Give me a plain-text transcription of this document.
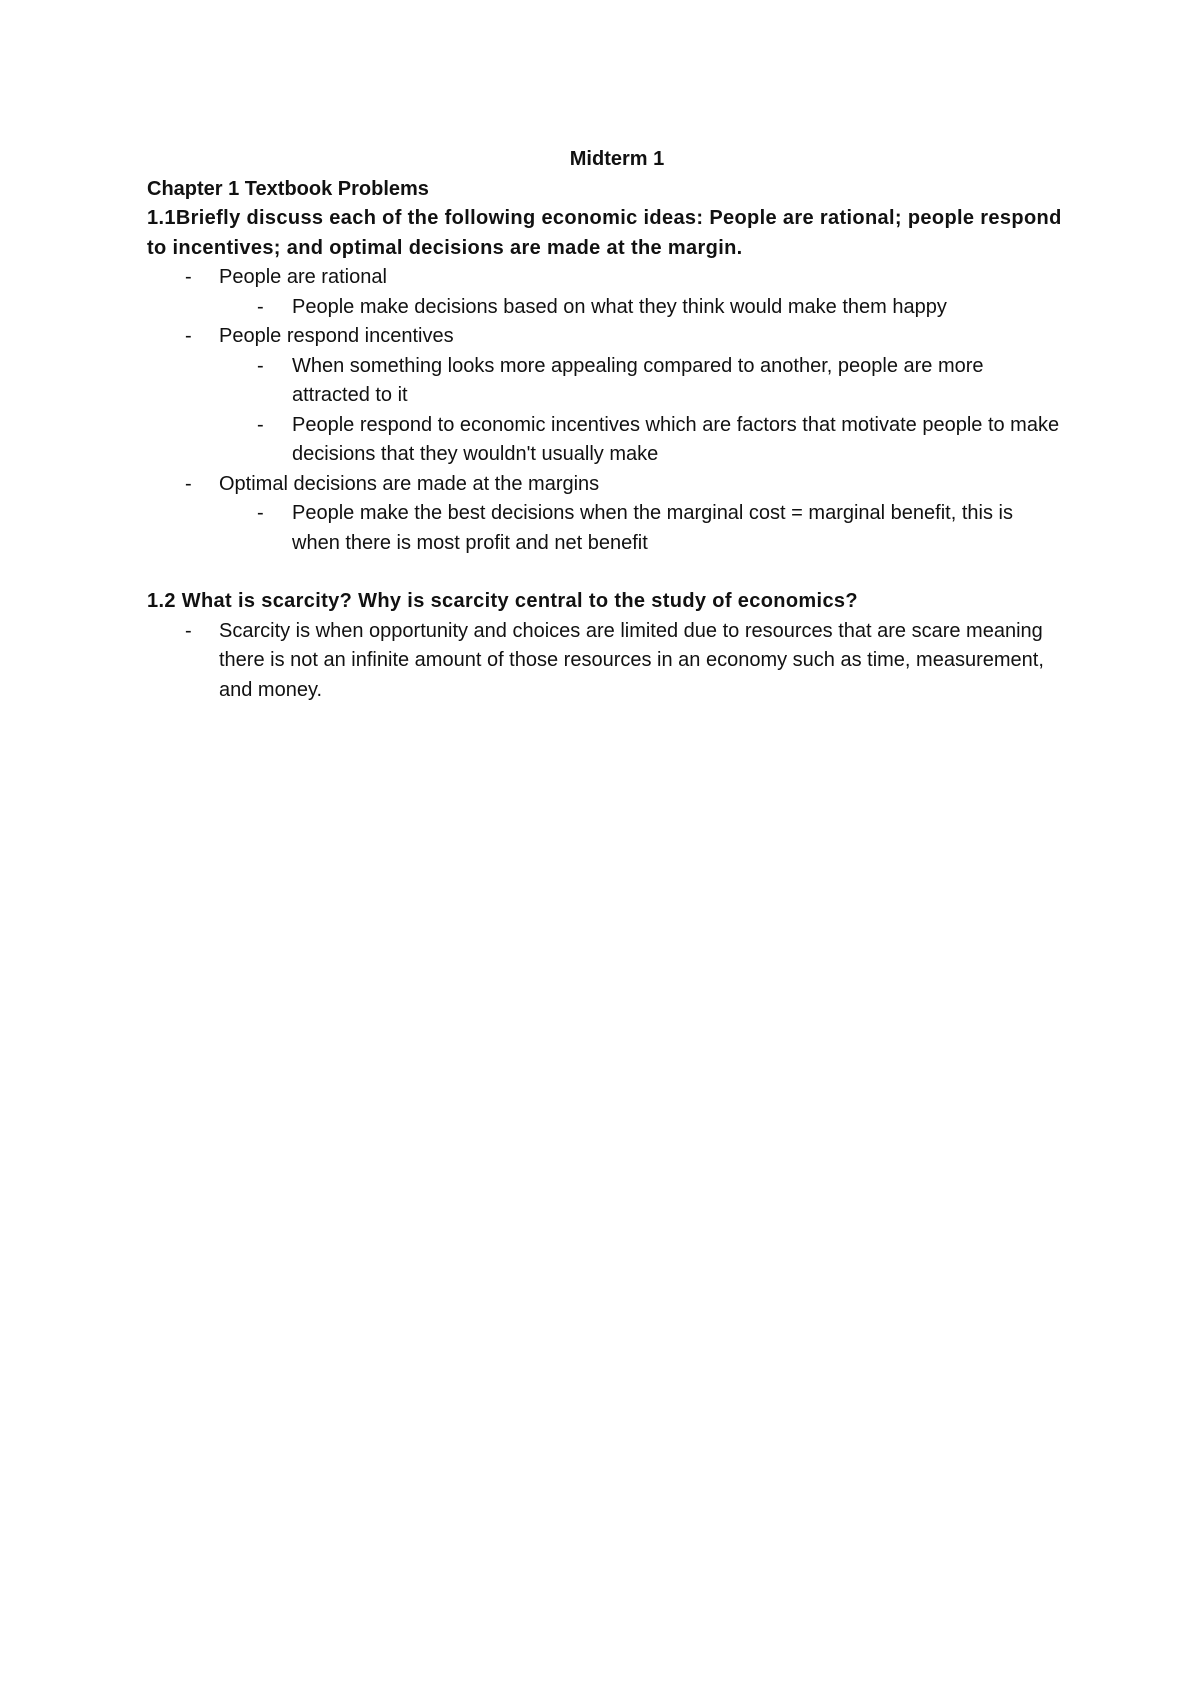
Midterm 1

Chapter 1 Textbook Problems

1.1Briefly discuss each of the following economic ideas: People are rational; people respond to incentives; and optimal decisions are made at the margin.

- People are rational
- People make decisions based on what they think would make them happy
- People respond incentives
- When something looks more appealing compared to another, people are more attracted to it
- People respond to economic incentives which are factors that motivate people to make decisions that they wouldn't usually make
- Optimal decisions are made at the margins
- People make the best decisions when the marginal cost = marginal benefit, this is when there is most profit and net benefit

1.2 What is scarcity? Why is scarcity central to the study of economics?

- Scarcity is when opportunity and choices are limited due to resources that are scare meaning there is not an infinite amount of those resources in an economy such as time, measurement, and money.
